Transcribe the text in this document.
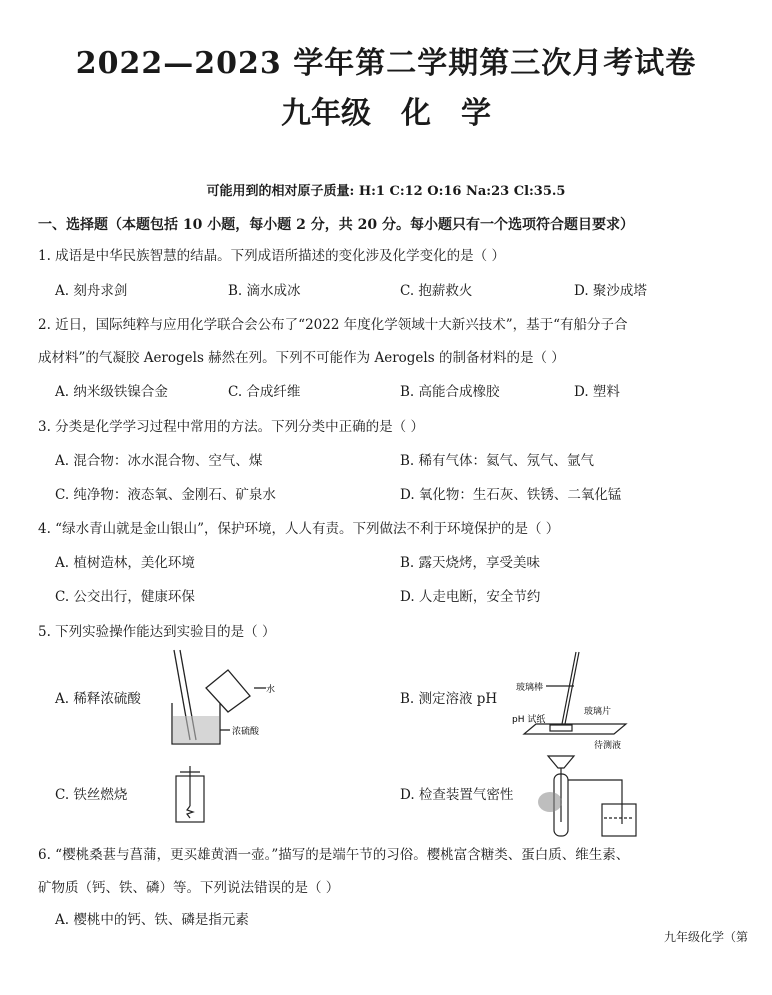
2022—2023 学年第二学期第三次月考试卷
九年级　化　学
可能用到的相对原子质量: H:1 C:12 O:16 Na:23 Cl:35.5
一、选择题（本题包括 10 小题，每小题 2 分，共 20 分。每小题只有一个选项符合题目要求）
1. 成语是中华民族智慧的结晶。下列成语所描述的变化涉及化学变化的是（ ）
A. 刻舟求剑	B. 滴水成冰	C. 抱薪救火	D. 聚沙成塔
2. 近日，国际纯粹与应用化学联合会公布了“2022 年度化学领域十大新兴技术”，基于“有船分子合
成材料”的气凝胶 Aerogels 赫然在列。下列不可能作为 Aerogels 的制备材料的是（ ）
A. 纳米级铁镍合金	C. 合成纤维	B. 高能合成橡胶	D. 塑料
3. 分类是化学学习过程中常用的方法。下列分类中正确的是（ ）
A. 混合物：冰水混合物、空气、煤	B. 稀有气体：氦气、氖气、氩气
C. 纯净物：液态氧、金刚石、矿泉水	D. 氧化物：生石灰、铁锈、二氧化锰
4. “绿水青山就是金山银山”，保护环境，人人有责。下列做法不利于环境保护的是（ ）
A. 植树造林，美化环境	B. 露天烧烤，享受美味
C. 公交出行，健康环保	D. 人走电断，安全节约
5. 下列实验操作能达到实验目的是（ ）
A. 稀释浓硫酸	B. 测定溶液 pH
C. 铁丝燃烧	D. 检查装置气密性
水
浓硫酸
玻璃棒
pH 试纸
玻璃片
待测液
6. “樱桃桑葚与菖蒲，更买雄黄酒一壶。”描写的是端午节的习俗。樱桃富含糖类、蛋白质、维生素、
矿物质（钙、铁、磷）等。下列说法错误的是（ ）
A. 樱桃中的钙、铁、磷是指元素
九年级化学（第
